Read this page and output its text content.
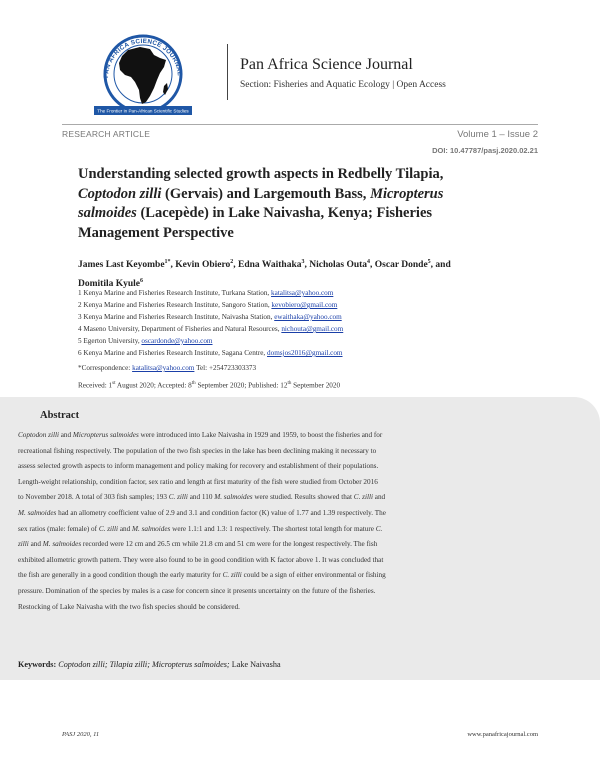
PAN AFRICA SCIENCE JOURNAL
The Frontier in Pan-African Scientific Studies
Pan Africa Science Journal
Section: Fisheries and Aquatic Ecology | Open Access
RESEARCH ARTICLE	Volume 1 – Issue 2
DOI: 10.47787/pasj.2020.02.21
Understanding selected growth aspects in Redbelly Tilapia,
Coptodon zilli (Gervais) and Largemouth Bass, Micropterus
salmoides (Lacepède) in Lake Naivasha, Kenya; Fisheries
Management Perspective
James Last Keyombe$^{1*}$, Kevin Obiero$^2$, Edna Waithaka$^3$, Nicholas Outa$^4$, Oscar Donde$^5$, and
Domitila Kyule$^6$
1 Kenya Marine and Fisheries Research Institute, Turkana Station, katalitsa@yahoo.com
2 Kenya Marine and Fisheries Research Institute, Sangoro Station, kevobiero@gmail.com
3 Kenya Marine and Fisheries Research Institute, Naivasha Station, ewaithaka@yahoo.com
4 Maseno University, Department of Fisheries and Natural Resources, nichouta@gmail.com
5 Egerton University, oscardonde@yahoo.com
6 Kenya Marine and Fisheries Research Institute, Sagana Centre, domsjos2016@gmail.com
*Correspondence: katalitsa@yahoo.com Tel: +254723303373
Received: 1st August 2020; Accepted: 8th September 2020; Published: 12th September 2020
Abstract
Coptodon zilli and Micropterus salmoides were introduced into Lake Naivasha in 1929 and 1959, to boost the fisheries and for
recreational fishing respectively. The population of the two fish species in the lake has been declining making it necessary to
assess selected growth aspects to inform management and policy making for recovery and establishment of their populations.
Length-weight relationship, condition factor, sex ratio and length at first maturity of the fish were studied from October 2016
to November 2018. A total of 303 fish samples; 193 C. zilli and 110 M. salmoides were studied. Results showed that C. zilli and
M. salmoides had an allometry coefficient value of 2.9 and 3.1 and condition factor (K) value of 1.77 and 1.39 respectively. The
sex ratios (male: female) of C. zilli and M. salmoides were 1.1:1 and 1.3: 1 respectively. The shortest total length for mature C.
zilli and M. salmoides recorded were 12 cm and 26.5 cm while 21.8 cm and 51 cm were for the longest respectively. The fish
exhibited allometric growth pattern. They were also found to be in good condition with K factor above 1. It was concluded that
the fish are generally in a good condition though the early maturity for C. zilli could be a sign of either environmental or fishing
pressure. Domination of the species by males is a case for concern since it presents uncertainty on the future of the fisheries.
Restocking of Lake Naivasha with the two fish species should be considered.
Keywords: Coptodon zilli; Tilapia zilli; Micropterus salmoides; Lake Naivasha
PASJ 2020, 11	www.panafricajournal.com
